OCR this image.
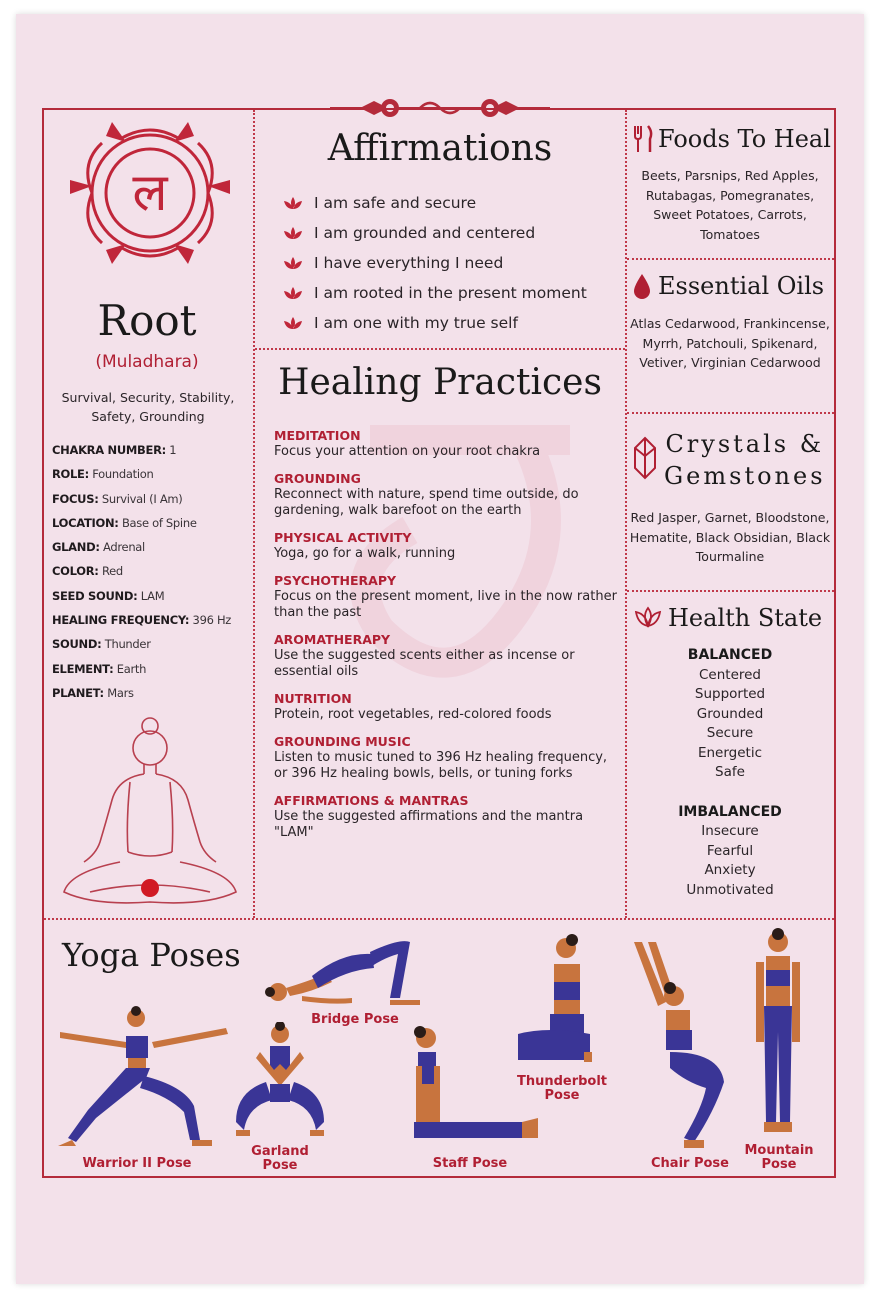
ल
Root
(Muladhara)
Survival, Security, Stability, Safety, Grounding
CHAKRA NUMBER: 1
ROLE: Foundation
FOCUS: Survival (I Am)
LOCATION: Base of Spine
GLAND: Adrenal
COLOR: Red
SEED SOUND: LAM
HEALING FREQUENCY: 396 Hz
SOUND: Thunder
ELEMENT: Earth
PLANET: Mars
Affirmations
I am safe and secure
I am grounded and centered
I have everything I need
I am rooted in the present moment
I am one with my true self
Healing Practices
MEDITATION
Focus your attention on your root chakra
GROUNDING
Reconnect with nature, spend time outside, do gardening, walk barefoot on the earth
PHYSICAL ACTIVITY
Yoga, go for a walk, running
PSYCHOTHERAPY
Focus on the present moment, live in the now rather than the past
AROMATHERAPY
Use the suggested scents either as incense or essential oils
NUTRITION
Protein, root vegetables, red-colored foods
GROUNDING MUSIC
Listen to music tuned to 396 Hz healing frequency, or 396 Hz healing bowls, bells, or tuning forks
AFFIRMATIONS & MANTRAS
Use the suggested affirmations and the mantra "LAM"
Foods To Heal
Beets, Parsnips, Red Apples, Rutabagas, Pomegranates, Sweet Potatoes, Carrots, Tomatoes
Essential Oils
Atlas Cedarwood, Frankincense, Myrrh, Patchouli, Spikenard, Vetiver, Virginian Cedarwood
Crystals &
Gemstones
Red Jasper, Garnet, Bloodstone, Hematite, Black Obsidian, Black Tourmaline
Health State
BALANCED
Centered
Supported
Grounded
Secure
Energetic
Safe
IMBALANCED
Insecure
Fearful
Anxiety
Unmotivated
Yoga Poses
Bridge Pose
Warrior II Pose
Garland
Pose	Staff Pose
Thunderbolt
Pose
Chair Pose
Mountain
Pose
